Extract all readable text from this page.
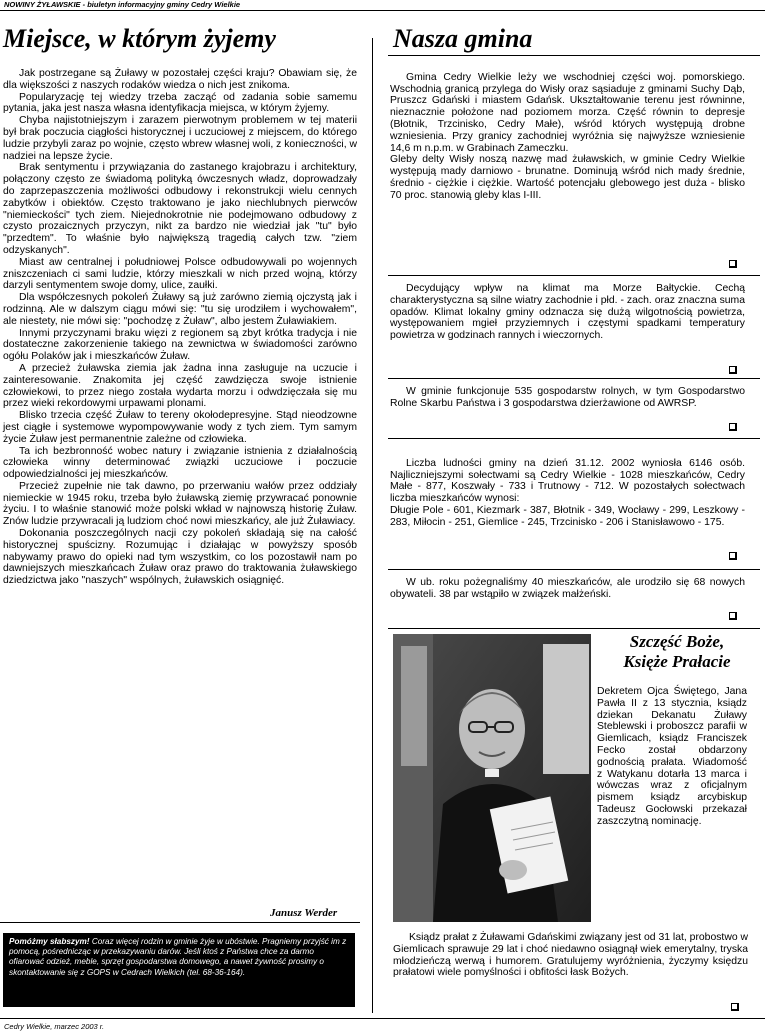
NOWINY ŻYŁAWSKIE - biuletyn informacyjny gminy Cedry Wielkie
Miejsce, w którym żyjemy

Jak postrzegane są Żuławy w pozostałej części kraju? Obawiam się, że dla większości z naszych rodaków wiedza o nich jest znikoma.

Popularyzację tej wiedzy trzeba zacząć od zadania sobie samemu pytania, jaka jest nasza własna identyfikacja miejsca, w którym żyjemy.

Chyba najistotniejszym i zarazem pierwotnym problemem w tej materii był brak poczucia ciągłości historycznej i uczuciowej z miejscem, do którego ludzie przybyli zaraz po wojnie, często wbrew własnej woli, z konieczności, w nadziei na lepsze życie.

Brak sentymentu i przywiązania do zastanego krajobrazu i architektury, połączony często ze świadomą polityką ówczesnych władz, doprowadzały do zaprzepaszczenia możliwości odbudowy i rekonstrukcji wielu cennych zabytków i obiektów. Często traktowano je jako niechlubnych pierwców "niemieckości" tych ziem. Niejednokrotnie nie podejmowano odbudowy z czysto prozaicznych przyczyn, nikt za bardzo nie wiedział jak "tu" było "przedtem". To właśnie było największą tragedią całych tzw. "ziem odzyskanych".

Miast aw centralnej i południowej Polsce odbudowywali po wojennych zniszczeniach ci sami ludzie, którzy mieszkali w nich przed wojną, którzy darzyli sentymentem swoje domy, ulice, zaułki.

Dla współczesnych pokoleń Żuławy są już zarówno ziemią ojczystą jak i rodzinną. Ale w dalszym ciągu mówi się: "tu się urodziłem i wychowałem", ale niestety, nie mówi się: "pochodzę z Żuław", albo jestem Żuławiakiem.

Innymi przyczynami braku więzi z regionem są zbyt krótka tradycja i nie dostateczne zakorzenienie takiego na zewnictwa w świadomości zarówno ogółu Polaków jak i mieszkańców Żuław.

A przecież żuławska ziemia jak żadna inna zasługuje na uczucie i zainteresowanie. Znakomita jej część zawdzięcza swoje istnienie człowiekowi, to przez niego została wydarta morzu i odwdzięczała się mu przez wieki rekordowymi urpawami plonami.

Blisko trzecia część Żuław to tereny okołodepresyjne. Stąd nieodzowne jest ciągłe i systemowe wypompowywanie wody z tych ziem. Tym samym życie Żuław jest permanentnie zależne od człowieka.

Ta ich bezbronność wobec natury i związanie istnienia z działalnością człowieka winny determinować związki uczuciowe i poczucie odpowiedzialności jej mieszkańców.

Przecież zupełnie nie tak dawno, po przerwaniu wałów przez oddziały niemieckie w 1945 roku, trzeba było żuławską ziemię przywracać ponownie życiu. I to właśnie stanowić może polski wkład w najnowszą historię Żuław. Znów ludzie przywracali ją ludziom choć nowi mieszkańcy, ale już Żuławiacy.

Dokonania poszczególnych nacji czy pokoleń składają się na całość historycznej spuścizny. Rozumując i działając w powyższy sposób nabywamy prawo do opieki nad tym wszystkim, co los pozostawił nam po dawniejszych mieszkańcach Żuław oraz prawo do traktowania żuławskiego dziedzictwa jako "naszych" wspólnych, żuławskich osiągnięć.

Janusz Werder
Pomóżmy słabszym! Coraz więcej rodzin w gminie żyje w ubóstwie. Pragniemy przyjść im z pomocą, pośrednicząc w przekazywaniu darów. Jeśli ktoś z Państwa chce za darmo ofiarować odzież, meble, sprzęt gospodarstwa domowego, a nawet żywność prosimy o skontaktowanie się z GOPS w Cedrach Wielkich (tel. 68-36-164).
Nasza gmina

Gmina Cedry Wielkie leży we wschodniej części woj. pomorskiego. Wschodnią granicą przylega do Wisły oraz sąsiaduje z gminami Suchy Dąb, Pruszcz Gdański i miastem Gdańsk. Ukształtowanie terenu jest równinne, nieznacznie położone nad poziomem morza. Część równin to depresje (Błotnik, Trzcinisko, Cedry Małe), wśród których występują drobne wzniesienia. Przy granicy zachodniej wyróżnia się najwyższe wzniesienie 14,6 m n.p.m. w Grabinach Zameczku.
Gleby delty Wisły noszą nazwę mad żuławskich, w gminie Cedry Wielkie występują mady darniowo - brunatne. Dominują wśród nich mady średnie, średnio - ciężkie i ciężkie. Wartość potencjału glebowego jest duża - blisko 70 proc. stanowią gleby klas I-III.

Decydujący wpływ na klimat ma Morze Bałtyckie. Cechą charakterystyczna są silne wiatry zachodnie i płd. - zach. oraz znaczna suma opadów. Klimat lokalny gminy odznacza się dużą wilgotnością powietrza, występowaniem mgieł przyziemnych i częstymi spadkami temperatury powietrza w godzinach rannych i wieczornych.

W gminie funkcjonuje 535 gospodarstw rolnych, w tym Gospodarstwo Rolne Skarbu Państwa i 3 gospodarstwa dzierżawione od AWRSP.

Liczba ludności gminy na dzień 31.12. 2002 wyniosła 6146 osób. Najliczniejszymi sołectwami są Cedry Wielkie - 1028 mieszkańców, Cedry Małe - 877, Koszwały - 733 i Trutnowy - 712. W pozostałych sołectwach liczba mieszkańców wynosi:
Długie Pole - 601, Kiezmark - 387, Błotnik - 349, Wocławy - 299, Leszkowy - 283, Miłocin - 251, Giemlice - 245, Trzcinisko - 206 i Stanisławowo - 175.

W ub. roku pożegnaliśmy 40 mieszkańców, ale urodziło się 68 nowych obywateli. 38 par wstąpiło w związek małżeński.

Szczęść Boże,
Księże Prałacie
Dekretem Ojca Świętego, Jana Pawła II z 13 stycznia, ksiądz dziekan Dekanatu Żuławy Steblewski i proboszcz parafii w Giemlicach, ksiądz Franciszek Fecko został obdarzony godnością prałata. Wiadomość z Watykanu dotarła 13 marca i wówczas wraz z oficjalnym pismem ksiądz arcybiskup Tadeusz Gocłowski przekazał zaszczytną nominację.

Ksiądz prałat z Żuławami Gdańskimi związany jest od 31 lat, probostwo w Giemlicach sprawuje 29 lat i choć niedawno osiągnął wiek emerytalny, tryska młodzieńczą werwą i humorem. Gratulujemy wyróżnienia, życzymy księdzu prałatowi wiele pomyślności i obfitości łask Bożych.

Cedry Wielkie, marzec 2003 r.
